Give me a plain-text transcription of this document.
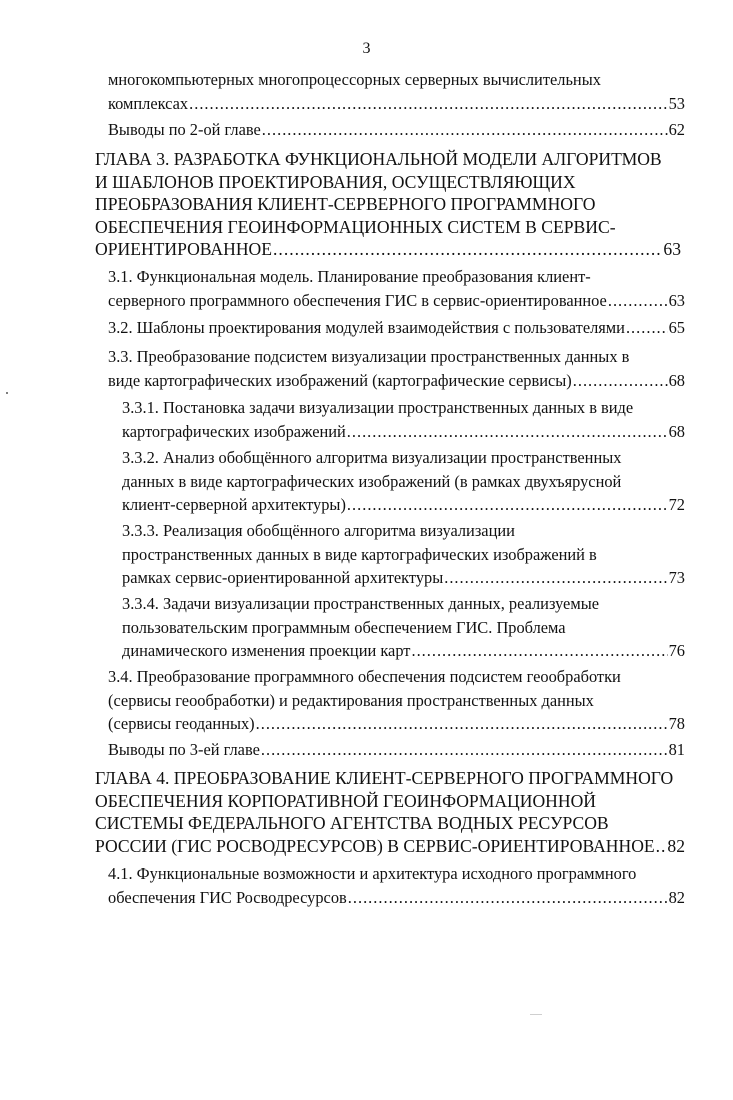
3
многокомпьютерных многопроцессорных серверных вычислительных
комплексах .....	53
Выводы по 2-ой главе .....	62
ГЛАВА 3. РАЗРАБОТКА ФУНКЦИОНАЛЬНОЙ МОДЕЛИ АЛГОРИТМОВ
И ШАБЛОНОВ ПРОЕКТИРОВАНИЯ, ОСУЩЕСТВЛЯЮЩИХ
ПРЕОБРАЗОВАНИЯ КЛИЕНТ-СЕРВЕРНОГО ПРОГРАММНОГО
ОБЕСПЕЧЕНИЯ ГЕОИНФОРМАЦИОННЫХ СИСТЕМ В СЕРВИС-
ОРИЕНТИРОВАННОЕ .....	63
3.1. Функциональная модель. Планирование преобразования клиент-
серверного программного обеспечения ГИС в сервис-ориентированное .....	63
3.2. Шаблоны проектирования модулей взаимодействия с пользователями .....	65
3.3. Преобразование подсистем визуализации пространственных данных в
виде картографических изображений (картографические сервисы) .....	68
3.3.1. Постановка задачи визуализации пространственных данных в виде
картографических изображений .....	68
3.3.2. Анализ обобщённого алгоритма визуализации пространственных
данных в виде картографических изображений (в рамках двухъярусной
клиент-серверной архитектуры) .....	72
3.3.3. Реализация обобщённого алгоритма визуализации
пространственных данных в виде картографических изображений в
рамках сервис-ориентированной архитектуры .....	73
3.3.4. Задачи визуализации пространственных данных, реализуемые
пользовательским программным обеспечением ГИС. Проблема
динамического изменения проекции карт .....	76
3.4. Преобразование программного обеспечения подсистем геообработки
(сервисы геообработки) и редактирования пространственных данных
(сервисы геоданных) .....	78
Выводы по 3-ей главе .....	81
ГЛАВА 4. ПРЕОБРАЗОВАНИЕ КЛИЕНТ-СЕРВЕРНОГО ПРОГРАММНОГО
ОБЕСПЕЧЕНИЯ КОРПОРАТИВНОЙ ГЕОИНФОРМАЦИОННОЙ
СИСТЕМЫ ФЕДЕРАЛЬНОГО АГЕНТСТВА ВОДНЫХ РЕСУРСОВ
РОССИИ (ГИС РОСВОДРЕСУРСОВ) В СЕРВИС-ОРИЕНТИРОВАННОЕ ..... 82
4.1. Функциональные возможности и архитектура исходного программного
обеспечения ГИС Росводресурсов .....	82
